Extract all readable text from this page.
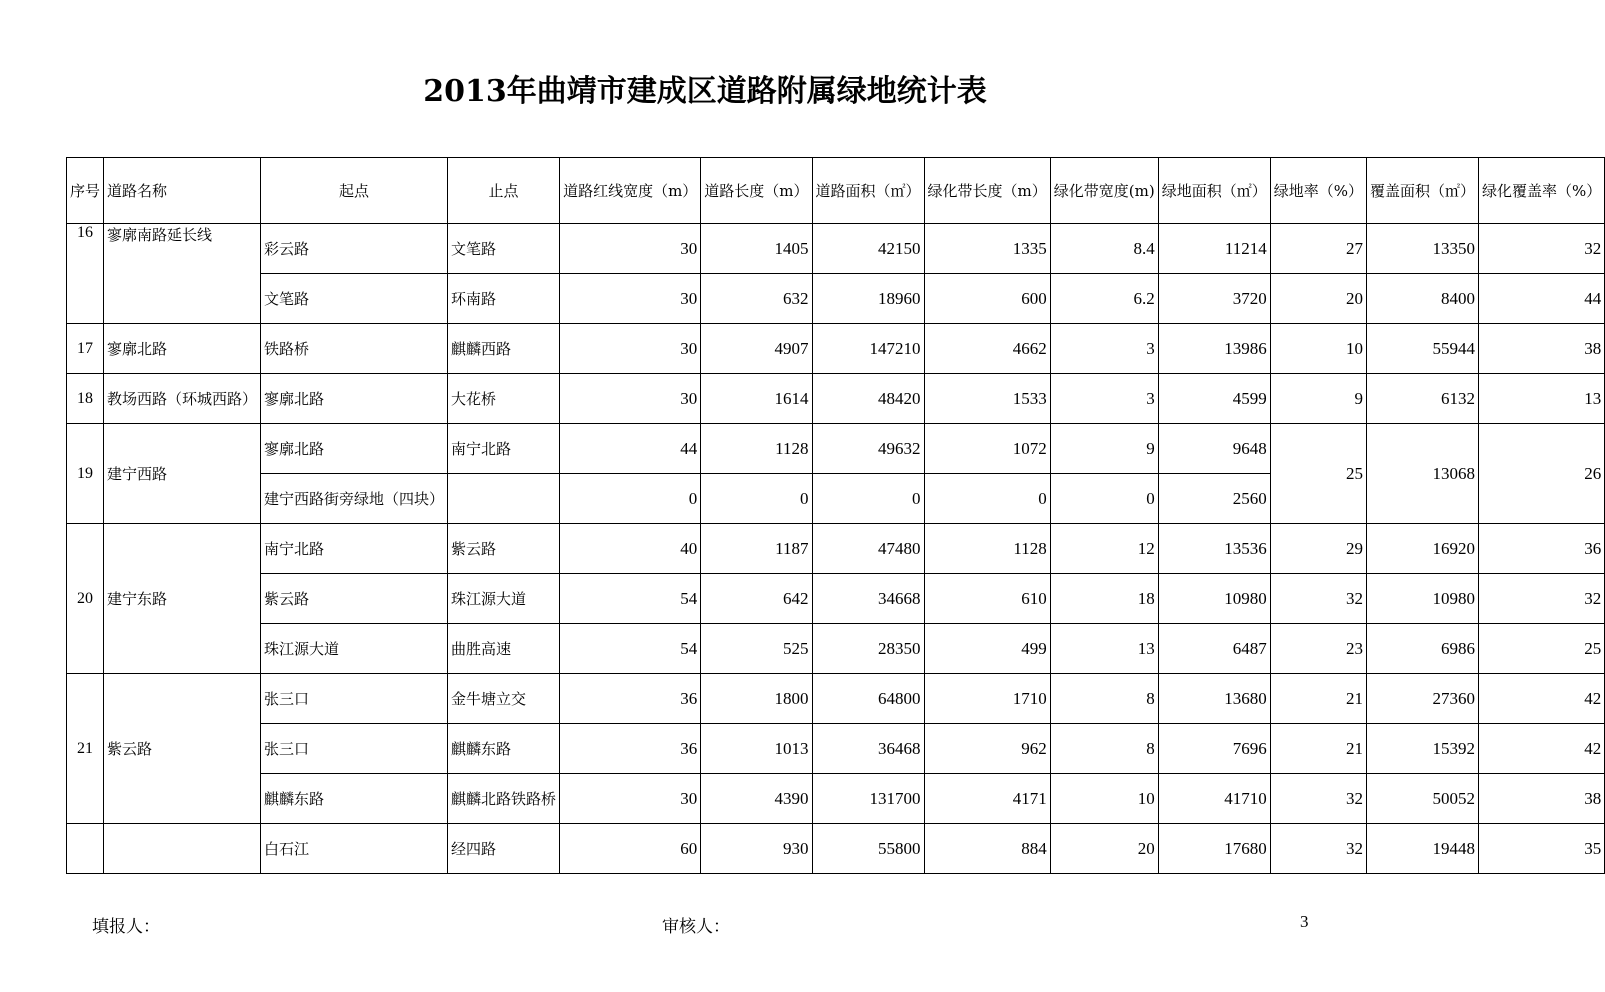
2013年曲靖市建成区道路附属绿地统计表
序号	道路名称	起点	止点	道路红线宽度（m）	道路长度（m）	道路面积（㎡）	绿化带长度（m）	绿化带宽度(m)	绿地面积（㎡）	绿地率（%）	覆盖面积（㎡）	绿化覆盖率（%）
16	寥廓南路延长线	彩云路	文笔路	30	1405	42150	1335	8.4	11214	27	13350	32
		文笔路	环南路	30	632	18960	600	6.2	3720	20	8400	44
17	寥廓北路	铁路桥	麒麟西路	30	4907	147210	4662	3	13986	10	55944	38
18	教场西路（环城西路）	寥廓北路	大花桥	30	1614	48420	1533	3	4599	9	6132	13
19	建宁西路	寥廓北路	南宁北路	44	1128	49632	1072	9	9648	25	13068	26
		建宁西路街旁绿地（四块）		0	0	0	0	0	2560			
20	建宁东路	南宁北路	紫云路	40	1187	47480	1128	12	13536	29	16920	36
		紫云路	珠江源大道	54	642	34668	610	18	10980	32	10980	32
		珠江源大道	曲胜高速	54	525	28350	499	13	6487	23	6986	25
21	紫云路	张三口	金牛塘立交	36	1800	64800	1710	8	13680	21	27360	42
		张三口	麒麟东路	36	1013	36468	962	8	7696	21	15392	42
		麒麟东路	麒麟北路铁路桥	30	4390	131700	4171	10	41710	32	50052	38
		白石江	经四路	60	930	55800	884	20	17680	32	19448	35
填报人：	审核人：	3
